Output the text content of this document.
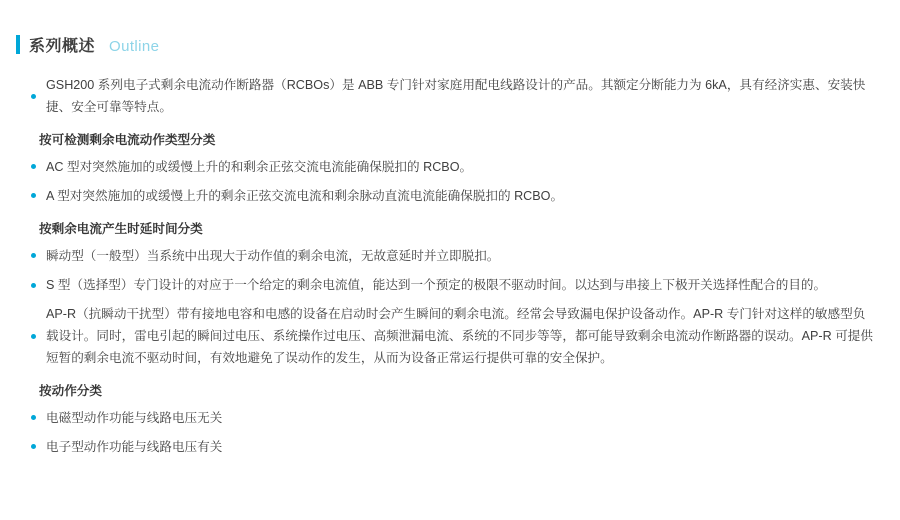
系列概述 Outline
GSH200 系列电子式剩余电流动作断路器（RCBOs）是 ABB 专门针对家庭用配电线路设计的产品。其额定分断能力为 6kA，具有经济实惠、安装快捷、安全可靠等特点。
按可检测剩余电流动作类型分类
AC 型对突然施加的或缓慢上升的和剩余正弦交流电流能确保脱扣的 RCBO。
A 型对突然施加的或缓慢上升的剩余正弦交流电流和剩余脉动直流电流能确保脱扣的 RCBO。
按剩余电流产生时延时间分类
瞬动型（一般型）当系统中出现大于动作值的剩余电流，无故意延时并立即脱扣。
S 型（选择型）专门设计的对应于一个给定的剩余电流值，能达到一个预定的极限不驱动时间。以达到与串接上下极开关选择性配合的目的。
AP-R（抗瞬动干扰型）带有接地电容和电感的设备在启动时会产生瞬间的剩余电流。经常会导致漏电保护设备动作。AP-R 专门针对这样的敏感型负载设计。同时，雷电引起的瞬间过电压、系统操作过电压、高频泄漏电流、系统的不同步等等，都可能导致剩余电流动作断路器的误动。AP-R 可提供短暂的剩余电流不驱动时间，有效地避免了误动作的发生，从而为设备正常运行提供可靠的安全保护。
按动作分类
电磁型动作功能与线路电压无关
电子型动作功能与线路电压有关
